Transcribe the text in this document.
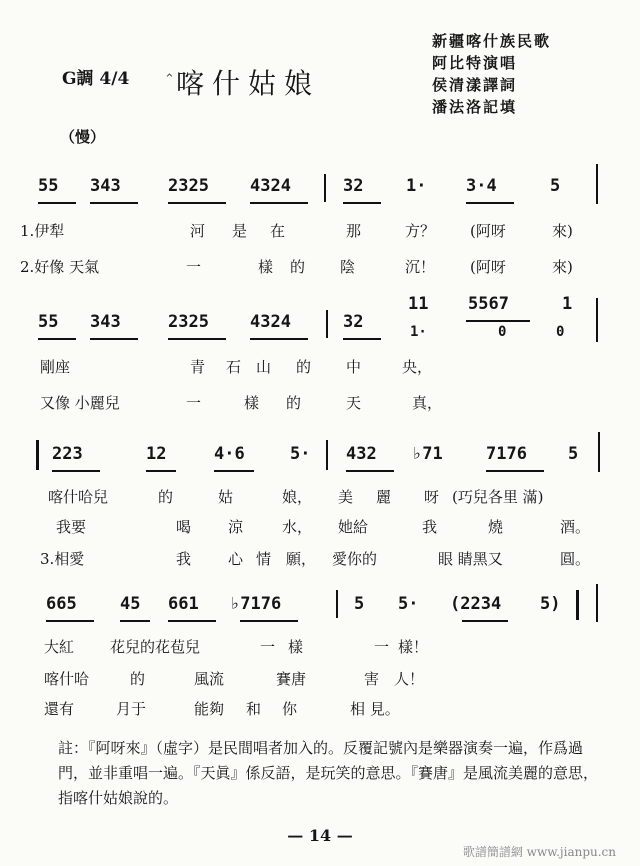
G調 4/4	⌃ 喀什姑娘
新疆喀什族民歌
阿比特演唱
侯清漾譯詞
潘法洛記填
（慢）
55 343	2325 4324	32	1· 3·4	5
1.伊犁	河 是 在	那	方？ (阿呀	來)
2.好像 天氣	一	樣 的 陰	沉！ (阿呀	來)
55 343	2325 4324	32
11 5567	1
1·	0	0
剛座	青 石 山 的 中	央，
又像 小麗兒	一	樣 的	天	真，
223	12	4·6	5· 432 ♭71	7176 5
喀什哈兒	的	姑	娘， 美 麗 呀 (巧兒各里 滿)
我要	喝 涼	水， 她給	我	燒	酒。
3.相愛	我 心 情 願， 愛你的	眼 睛黑又	圓。
665	45 661 ♭7176	5 5· (2234 5)
大紅 花兒的花苞兒	一 樣	一 樣！
喀什哈	的	風流	賽唐	害 人！
還有	月于	能夠 和 你	相 見。
註：『阿呀來』（虛字）是民間唱者加入的。反覆記號內是樂器演奏一遍，作爲過門，並非重唱一遍。『天眞』係反語，是玩笑的意思。『賽唐』是風流美麗的意思，指喀什姑娘說的。
— 14 —
歌譜簡譜網 www.jianpu.cn
